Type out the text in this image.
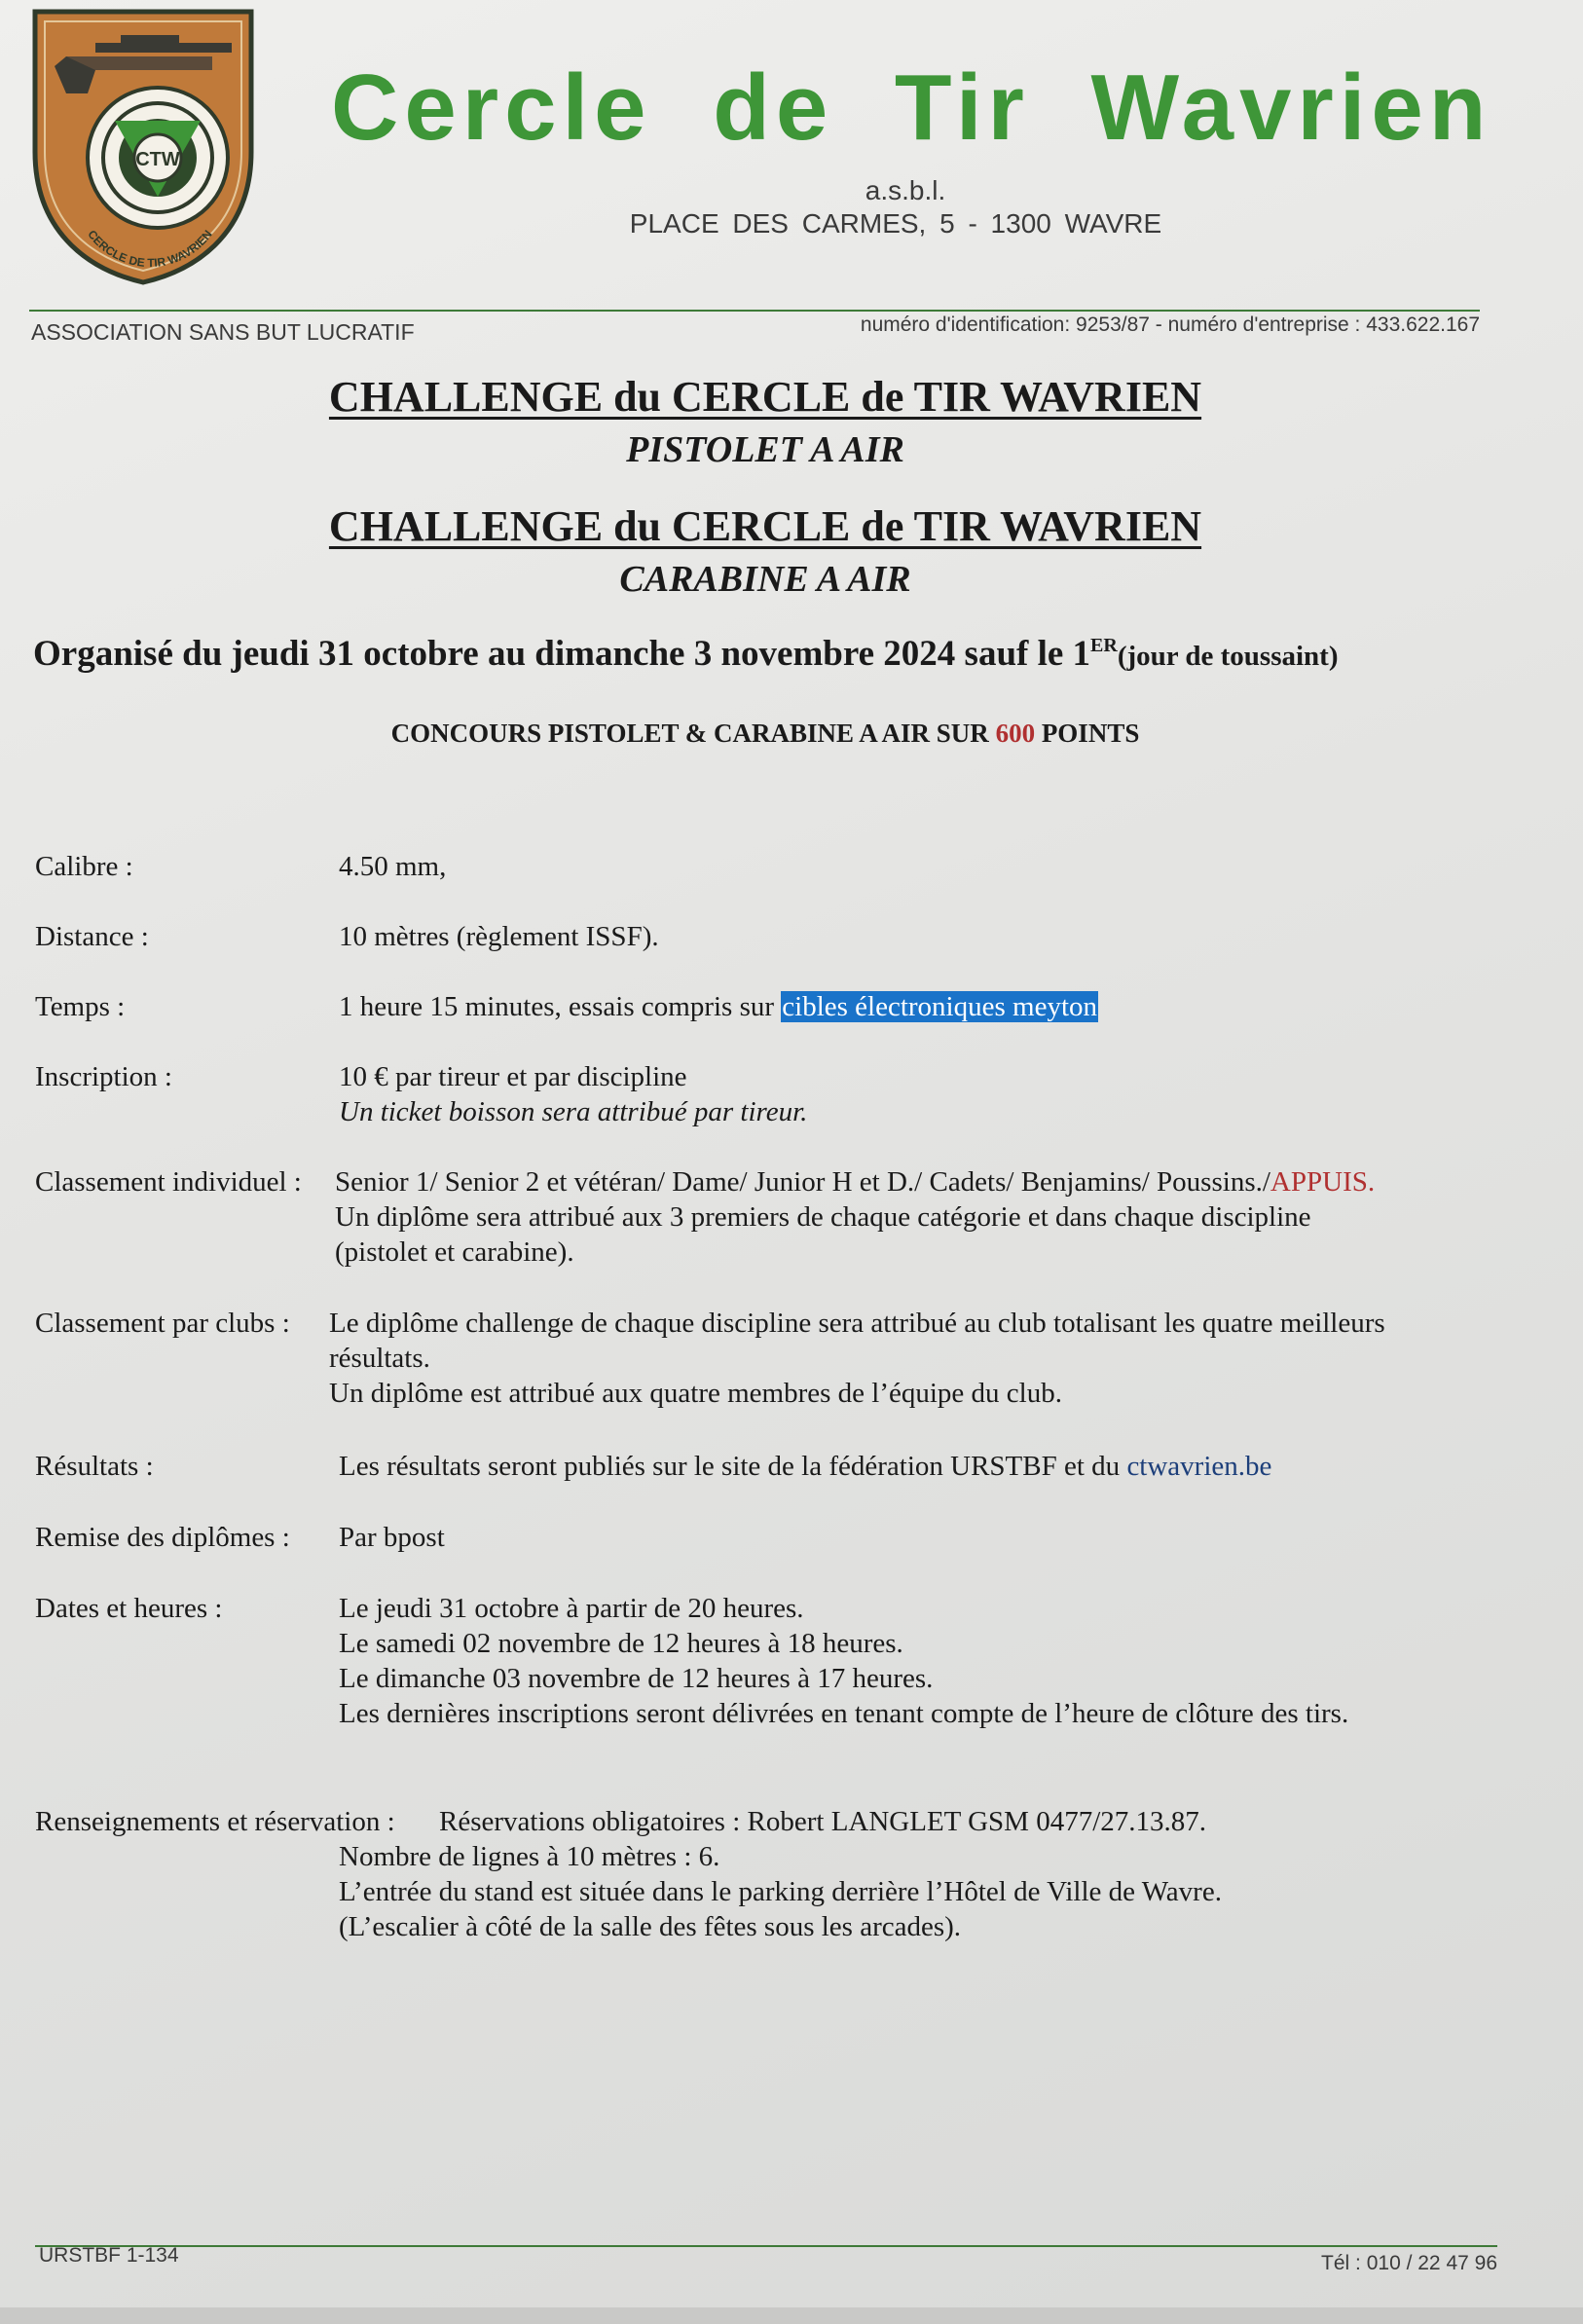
CTW
CERCLE DE TIR WAVRIEN
Cercle de Tir Wavrien
a.s.b.l.
PLACE DES CARMES, 5 - 1300 WAVRE
ASSOCIATION SANS BUT LUCRATIF	numéro d'identification: 9253/87 - numéro d'entreprise : 433.622.167
CHALLENGE du CERCLE de TIR WAVRIEN
PISTOLET A AIR
CHALLENGE du CERCLE de TIR WAVRIEN
CARABINE A AIR
Organisé du jeudi 31 octobre au dimanche 3 novembre 2024 sauf le 1ER(jour de toussaint)
CONCOURS PISTOLET & CARABINE A AIR SUR 600 POINTS
Calibre :	4.50 mm,
Distance :	10 mètres (règlement ISSF).
Temps :	1 heure 15 minutes, essais compris sur cibles électroniques meyton
Inscription :	10 € par tireur et par discipline
Un ticket boisson sera attribué par tireur.
Classement individuel : Senior 1/ Senior 2 et vétéran/ Dame/ Junior H et D./ Cadets/ Benjamins/ Poussins./APPUIS.
Un diplôme sera attribué aux 3 premiers de chaque catégorie et dans chaque discipline
(pistolet et carabine).
Classement par clubs : Le diplôme challenge de chaque discipline sera attribué au club totalisant les quatre meilleurs
résultats.
Un diplôme est attribué aux quatre membres de l’équipe du club.
Résultats :	Les résultats seront publiés sur le site de la fédération URSTBF et du ctwavrien.be
Remise des diplômes : Par bpost
Dates et heures :	Le jeudi 31 octobre à partir de 20 heures.
Le samedi 02 novembre de 12 heures à 18 heures.
Le dimanche 03 novembre de 12 heures à 17 heures.
Les dernières inscriptions seront délivrées en tenant compte de l’heure de clôture des tirs.
Renseignements et réservation : Réservations obligatoires : Robert LANGLET GSM 0477/27.13.87.
Nombre de lignes à 10 mètres : 6.
L’entrée du stand est située dans le parking derrière l’Hôtel de Ville de Wavre.
(L’escalier à côté de la salle des fêtes sous les arcades).
URSTBF 1-134	Tél : 010 / 22 47 96
